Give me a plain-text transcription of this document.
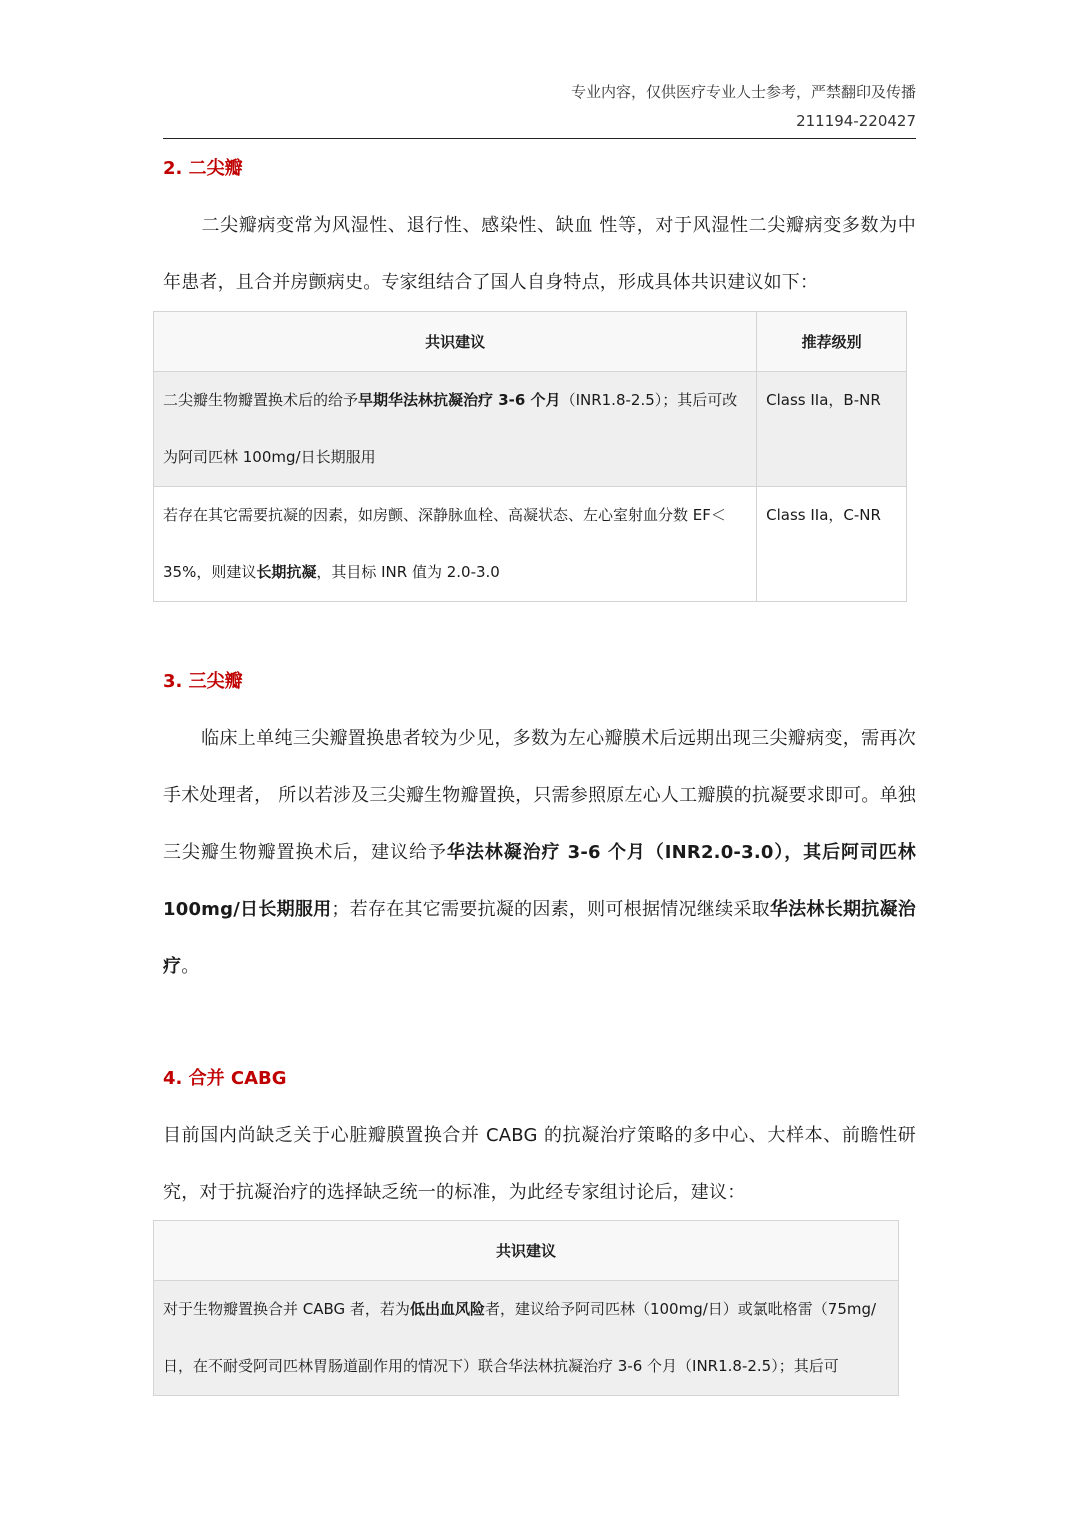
专业内容，仅供医疗专业人士参考，严禁翻印及传播
211194-220427
2. 二尖瓣
二尖瓣病变常为风湿性、退行性、感染性、缺血 性等，对于风湿性二尖瓣病变多数为中年患者，且合并房颤病史。专家组结合了国人自身特点，形成具体共识建议如下：
共识建议	推荐级别
二尖瓣生物瓣置换术后的给予早期华法林抗凝治疗 3-6 个月（INR1.8-2.5）；其后可改为阿司匹林 100mg/日长期服用	Class IIa，B-NR
若存在其它需要抗凝的因素，如房颤、深静脉血栓、高凝状态、左心室射血分数 EF＜35%，则建议长期抗凝，其目标 INR 值为 2.0-3.0	Class IIa，C-NR
3. 三尖瓣
临床上单纯三尖瓣置换患者较为少见，多数为左心瓣膜术后远期出现三尖瓣病变，需再次手术处理者， 所以若涉及三尖瓣生物瓣置换，只需参照原左心人工瓣膜的抗凝要求即可。单独三尖瓣生物瓣置换术后，建议给予华法林凝治疗 3-6 个月（INR2.0-3.0），其后阿司匹林 100mg/日长期服用；若存在其它需要抗凝的因素，则可根据情况继续采取华法林长期抗凝治疗。
4. 合并 CABG
目前国内尚缺乏关于心脏瓣膜置换合并 CABG 的抗凝治疗策略的多中心、大样本、前瞻性研究，对于抗凝治疗的选择缺乏统一的标准，为此经专家组讨论后，建议：
共识建议
对于生物瓣置换合并 CABG 者，若为低出血风险者，建议给予阿司匹林（100mg/日）或氯吡格雷（75mg/日，在不耐受阿司匹林胃肠道副作用的情况下）联合华法林抗凝治疗 3-6 个月（INR1.8-2.5）；其后可
